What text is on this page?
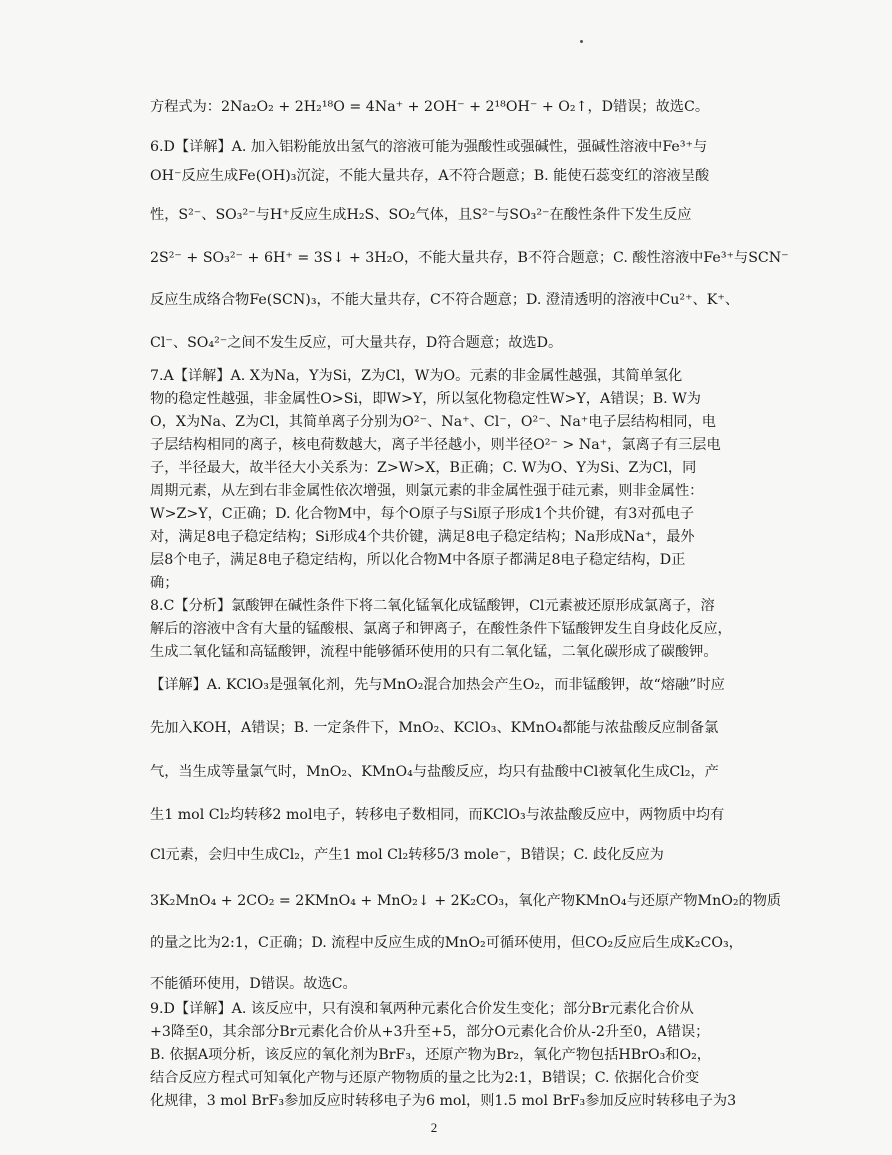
方程式为：2Na₂O₂ + 2H₂¹⁸O = 4Na⁺ + 2OH⁻ + 2¹⁸OH⁻ + O₂↑，D错误；故选C。
6.D【详解】A. 加入铝粉能放出氢气的溶液可能为强酸性或强碱性，强碱性溶液中Fe³⁺与
OH⁻反应生成Fe(OH)₃沉淀，不能大量共存，A不符合题意；B. 能使石蕊变红的溶液呈酸
性，S²⁻、SO₃²⁻与H⁺反应生成H₂S、SO₂气体，且S²⁻与SO₃²⁻在酸性条件下发生反应
2S²⁻ + SO₃²⁻ + 6H⁺ = 3S↓ + 3H₂O，不能大量共存，B不符合题意；C. 酸性溶液中Fe³⁺与SCN⁻
反应生成络合物Fe(SCN)₃，不能大量共存，C不符合题意；D. 澄清透明的溶液中Cu²⁺、K⁺、
Cl⁻、SO₄²⁻之间不发生反应，可大量共存，D符合题意；故选D。
7.A【详解】A. X为Na，Y为Si，Z为Cl，W为O。元素的非金属性越强，其简单氢化
物的稳定性越强，非金属性O>Si，即W>Y，所以氢化物稳定性W>Y，A错误；B. W为
O，X为Na、Z为Cl，其简单离子分别为O²⁻、Na⁺、Cl⁻，O²⁻、Na⁺电子层结构相同，电
子层结构相同的离子，核电荷数越大，离子半径越小，则半径O²⁻ > Na⁺，氯离子有三层电
子，半径最大，故半径大小关系为：Z>W>X，B正确；C. W为O、Y为Si、Z为Cl，同
周期元素，从左到右非金属性依次增强，则氯元素的非金属性强于硅元素，则非金属性：
W>Z>Y，C正确；D. 化合物M中，每个O原子与Si原子形成1个共价键，有3对孤电子
对，满足8电子稳定结构；Si形成4个共价键，满足8电子稳定结构；Na形成Na⁺，最外
层8个电子，满足8电子稳定结构，所以化合物M中各原子都满足8电子稳定结构，D正
确；
8.C【分析】氯酸钾在碱性条件下将二氧化锰氧化成锰酸钾，Cl元素被还原形成氯离子，溶
解后的溶液中含有大量的锰酸根、氯离子和钾离子，在酸性条件下锰酸钾发生自身歧化反应，
生成二氧化锰和高锰酸钾，流程中能够循环使用的只有二氧化锰，二氧化碳形成了碳酸钾。
【详解】A. KClO₃是强氧化剂，先与MnO₂混合加热会产生O₂，而非锰酸钾，故“熔融”时应
先加入KOH，A错误；B. 一定条件下，MnO₂、KClO₃、KMnO₄都能与浓盐酸反应制备氯
气，当生成等量氯气时，MnO₂、KMnO₄与盐酸反应，均只有盐酸中Cl被氧化生成Cl₂，产
生1 mol Cl₂均转移2 mol电子，转移电子数相同，而KClO₃与浓盐酸反应中，两物质中均有
Cl元素，会归中生成Cl₂，产生1 mol Cl₂转移5/3 mole⁻，B错误；C. 歧化反应为
3K₂MnO₄ + 2CO₂ = 2KMnO₄ + MnO₂↓ + 2K₂CO₃，氧化产物KMnO₄与还原产物MnO₂的物质
的量之比为2:1，C正确；D. 流程中反应生成的MnO₂可循环使用，但CO₂反应后生成K₂CO₃，
不能循环使用，D错误。故选C。
9.D【详解】A. 该反应中，只有溴和氧两种元素化合价发生变化；部分Br元素化合价从
+3降至0，其余部分Br元素化合价从+3升至+5，部分O元素化合价从-2升至0，A错误；
B. 依据A项分析，该反应的氧化剂为BrF₃，还原产物为Br₂，氧化产物包括HBrO₃和O₂，
结合反应方程式可知氧化产物与还原产物物质的量之比为2:1，B错误；C. 依据化合价变
化规律，3 mol BrF₃参加反应时转移电子为6 mol，则1.5 mol BrF₃参加反应时转移电子为3
2
